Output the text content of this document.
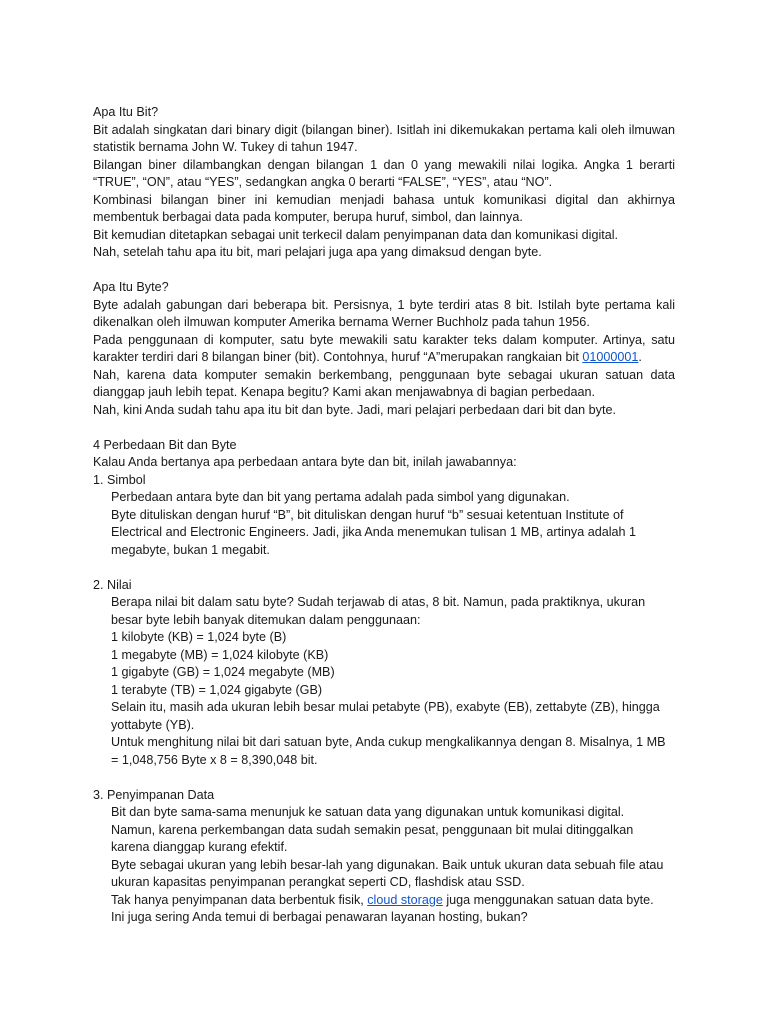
Apa Itu Bit?

Bit adalah singkatan dari binary digit (bilangan biner). Isitlah ini dikemukakan pertama kali oleh ilmuwan statistik bernama John W. Tukey di tahun 1947.

Bilangan biner dilambangkan dengan bilangan 1 dan 0 yang mewakili nilai logika. Angka 1 berarti “TRUE”, “ON”, atau “YES”, sedangkan angka 0 berarti “FALSE”, “YES”, atau “NO”.

Kombinasi bilangan biner ini kemudian menjadi bahasa untuk komunikasi digital dan akhirnya membentuk berbagai data pada komputer, berupa huruf, simbol, dan lainnya.

Bit kemudian ditetapkan sebagai unit terkecil dalam penyimpanan data dan komunikasi digital.

Nah, setelah tahu apa itu bit, mari pelajari juga apa yang dimaksud dengan byte.

Apa Itu Byte?

Byte adalah gabungan dari beberapa bit. Persisnya, 1 byte terdiri atas 8 bit. Istilah byte pertama kali dikenalkan oleh ilmuwan komputer Amerika bernama Werner Buchholz pada tahun 1956.

Pada penggunaan di komputer, satu byte mewakili satu karakter teks dalam komputer. Artinya, satu karakter terdiri dari 8 bilangan biner (bit). Contohnya, huruf “A”merupakan rangkaian bit 01000001.

Nah, karena data komputer semakin berkembang, penggunaan byte sebagai ukuran satuan data dianggap jauh lebih tepat. Kenapa begitu? Kami akan menjawabnya di bagian perbedaan.

Nah, kini Anda sudah tahu apa itu bit dan byte. Jadi, mari pelajari perbedaan dari bit dan byte.

4 Perbedaan Bit dan Byte

Kalau Anda bertanya apa perbedaan antara byte dan bit, inilah jawabannya:

1. Simbol

Perbedaan antara byte dan bit yang pertama adalah pada simbol yang digunakan.

Byte dituliskan dengan huruf “B”, bit dituliskan dengan huruf “b” sesuai ketentuan Institute of Electrical and Electronic Engineers. Jadi, jika Anda menemukan tulisan 1 MB, artinya adalah 1 megabyte, bukan 1 megabit.

2. Nilai

Berapa nilai bit dalam satu byte? Sudah terjawab di atas, 8 bit. Namun, pada praktiknya, ukuran besar byte lebih banyak ditemukan dalam penggunaan:

1 kilobyte (KB) = 1,024 byte (B)

1 megabyte (MB) = 1,024 kilobyte (KB)

1 gigabyte (GB) = 1,024 megabyte (MB)

1 terabyte (TB) = 1,024 gigabyte (GB)

Selain itu, masih ada ukuran lebih besar mulai petabyte (PB), exabyte (EB), zettabyte (ZB), hingga yottabyte (YB).

Untuk menghitung nilai bit dari satuan byte, Anda cukup mengkalikannya dengan 8. Misalnya, 1 MB = 1,048,756 Byte x 8 = 8,390,048 bit.

3. Penyimpanan Data

Bit dan byte sama-sama menunjuk ke satuan data yang digunakan untuk komunikasi digital.

Namun, karena perkembangan data sudah semakin pesat, penggunaan bit mulai ditinggalkan karena dianggap kurang efektif.

Byte sebagai ukuran yang lebih besar-lah yang digunakan. Baik untuk ukuran data sebuah file atau ukuran kapasitas penyimpanan perangkat seperti CD, flashdisk atau SSD.

Tak hanya penyimpanan data berbentuk fisik, cloud storage juga menggunakan satuan data byte.

Ini juga sering Anda temui di berbagai penawaran layanan hosting, bukan?
